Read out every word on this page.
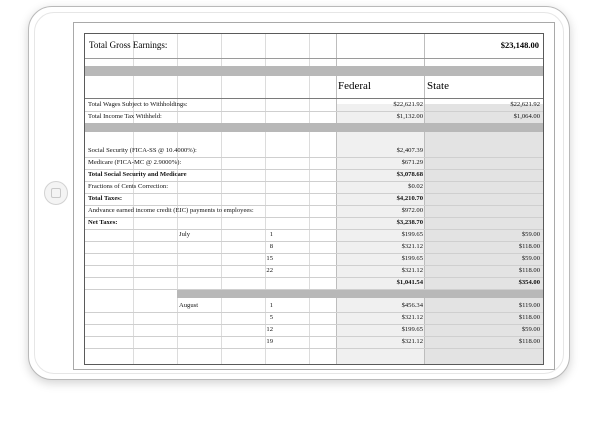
Total Gross Earnings:	$23,148.00
Federal	State
Total Wages Subject to Withholdings:	$22,621.92	$22,621.92
Total Income Tax Withheld:	$1,132.00	$1,064.00
Social Security (FICA-SS @ 10.4000%):	$2,407.39
Medicare (FICA-MC @ 2.9000%):	$671.29
Total Social Security and Medicare	$3,078.68
Fractions of Cents Correction:	$0.02
Total Taxes:	$4,210.70
Andvance earned income credit (EIC) payments to employees:	$972.00
Net Taxes:	$3,238.70
July	1	$199.65	$59.00
8	$321.12	$118.00
15	$199.65	$59.00
22	$321.12	$118.00
$1,041.54	$354.00
August	1	$456.34	$119.00
5	$321.12	$118.00
12	$199.65	$59.00
19	$321.12	$118.00
